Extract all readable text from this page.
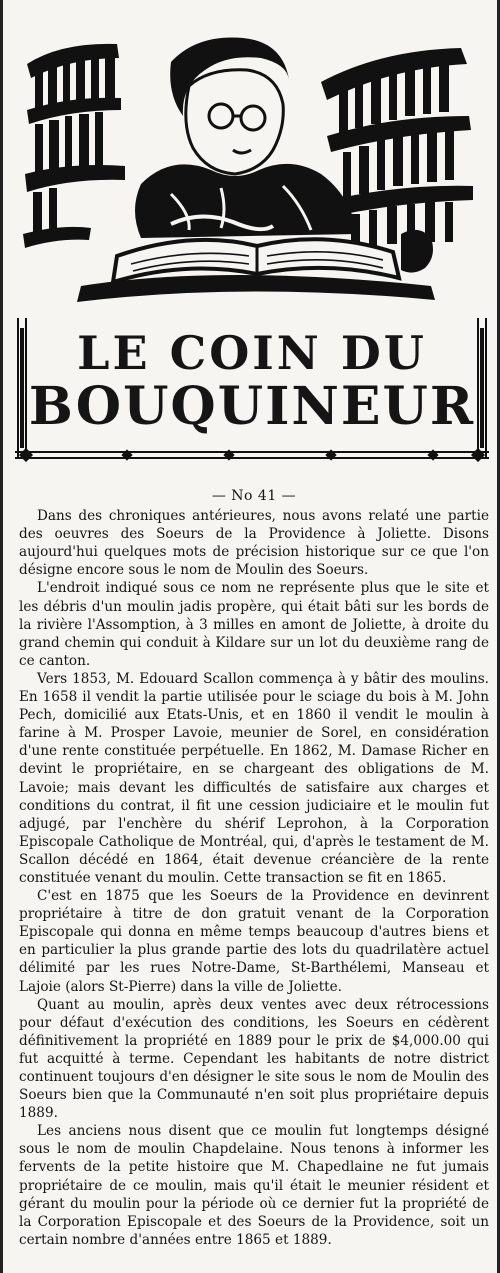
LE COIN DU
BOUQUINEUR
— No 41 —

Dans des chroniques antérieures, nous avons relaté une partie des oeuvres des Soeurs de la Providence à Joliette. Disons aujourd'hui quelques mots de précision historique sur ce que l'on désigne encore sous le nom de Moulin des Soeurs.

L'endroit indiqué sous ce nom ne représente plus que le site et les débris d'un moulin jadis propère, qui était bâti sur les bords de la rivière l'Assomption, à 3 milles en amont de Joliette, à droite du grand chemin qui conduit à Kildare sur un lot du deuxième rang de ce canton.

Vers 1853, M. Edouard Scallon commença à y bâtir des moulins. En 1658 il vendit la partie utilisée pour le sciage du bois à M. John Pech, domicilié aux Etats-Unis, et en 1860 il vendit le moulin à farine à M. Prosper Lavoie, meunier de Sorel, en considération d'une rente constituée perpétuelle. En 1862, M. Damase Richer en devint le propriétaire, en se chargeant des obligations de M. Lavoie; mais devant les difficultés de satisfaire aux charges et conditions du contrat, il fit une cession judiciaire et le moulin fut adjugé, par l'enchère du shérif Leprohon, à la Corporation Episcopale Catholique de Montréal, qui, d'après le testament de M. Scallon décédé en 1864, était devenue créancière de la rente constituée venant du moulin. Cette transaction se fit en 1865.

C'est en 1875 que les Soeurs de la Providence en devinrent propriétaire à titre de don gratuit venant de la Corporation Episcopale qui donna en même temps beaucoup d'autres biens et en particulier la plus grande partie des lots du quadrilatère actuel délimité par les rues Notre-Dame, St-Barthélemi, Manseau et Lajoie (alors St-Pierre) dans la ville de Joliette.

Quant au moulin, après deux ventes avec deux rétrocessions pour défaut d'exécution des conditions, les Soeurs en cédèrent définitivement la propriété en 1889 pour le prix de $4,000.00 qui fut acquitté à terme. Cependant les habitants de notre district continuent toujours d'en désigner le site sous le nom de Moulin des Soeurs bien que la Communauté n'en soit plus propriétaire depuis 1889.

Les anciens nous disent que ce moulin fut longtemps désigné sous le nom de moulin Chapdelaine. Nous tenons à informer les fervents de la petite histoire que M. Chapedlaine ne fut jumais propriétaire de ce moulin, mais qu'il était le meunier résident et gérant du moulin pour la période où ce dernier fut la propriété de la Corporation Episcopale et des Soeurs de la Providence, soit un certain nombre d'années entre 1865 et 1889.
